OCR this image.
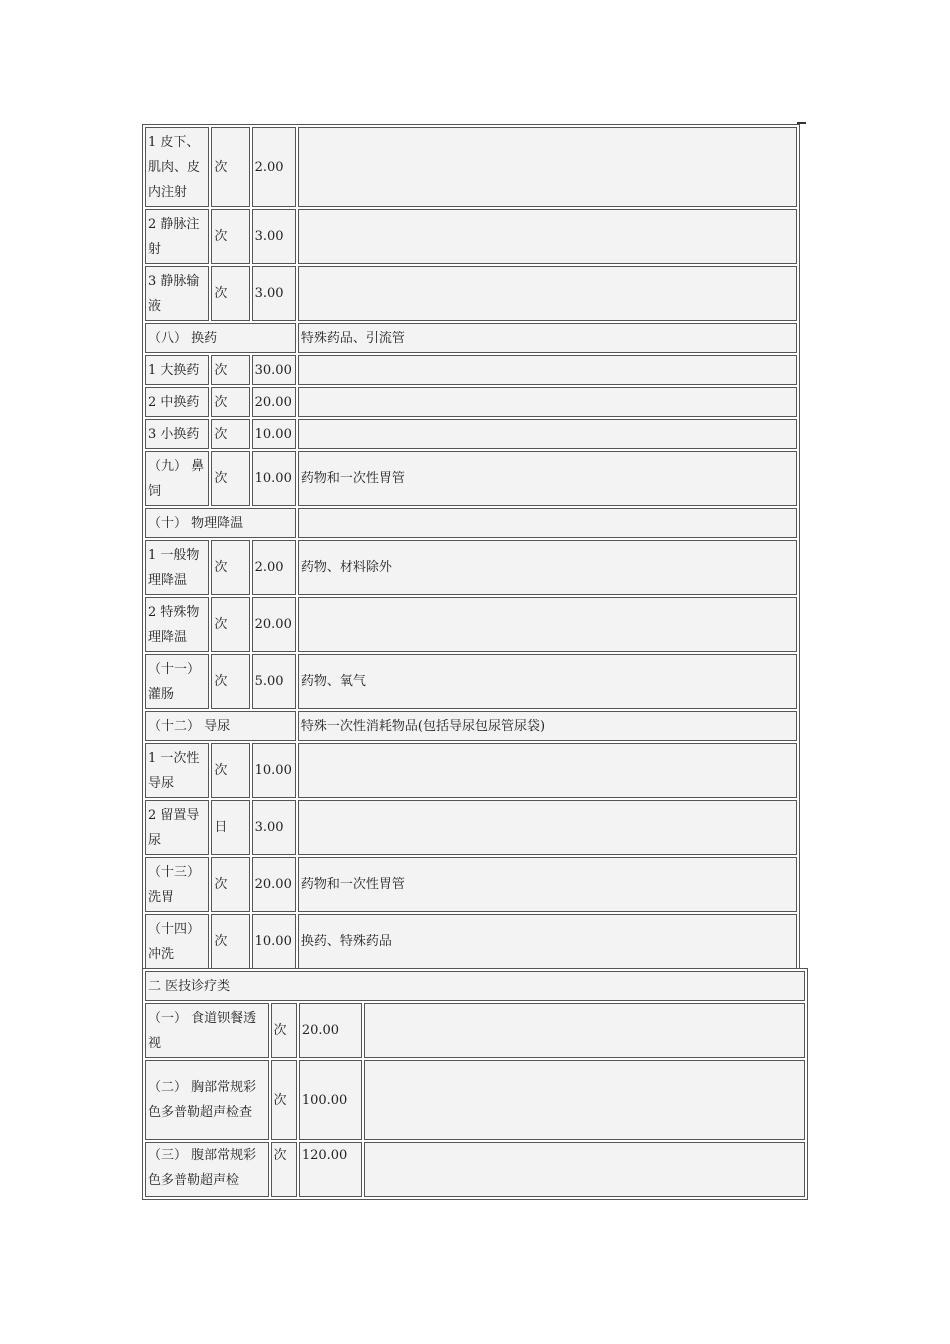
1 皮下、肌肉、皮内注射	次	2.00	
2 静脉注射	次	3.00	
3 静脉输液	次	3.00	
（八） 换药			特殊药品、引流管
1 大换药	次	30.00	
2 中换药	次	20.00	
3 小换药	次	10.00	
（九） 鼻饲	次	10.00	药物和一次性胃管
（十） 物理降温			
1 一般物理降温	次	2.00	药物、材料除外
2 特殊物理降温	次	20.00	
（十一） 灌肠	次	5.00	药物、氧气
（十二） 导尿			特殊一次性消耗物品(包括导尿包尿管尿袋)
1 一次性导尿	次	10.00	
2 留置导尿	日	3.00	
（十三） 洗胃	次	20.00	药物和一次性胃管
（十四） 冲洗	次	10.00	换药、特殊药品
二 医技诊疗类			
（一） 食道钡餐透视	次	20.00	
（二） 胸部常规彩色多普勒超声检查	次	100.00	
（三） 腹部常规彩色多普勒超声检	次	120.00	
